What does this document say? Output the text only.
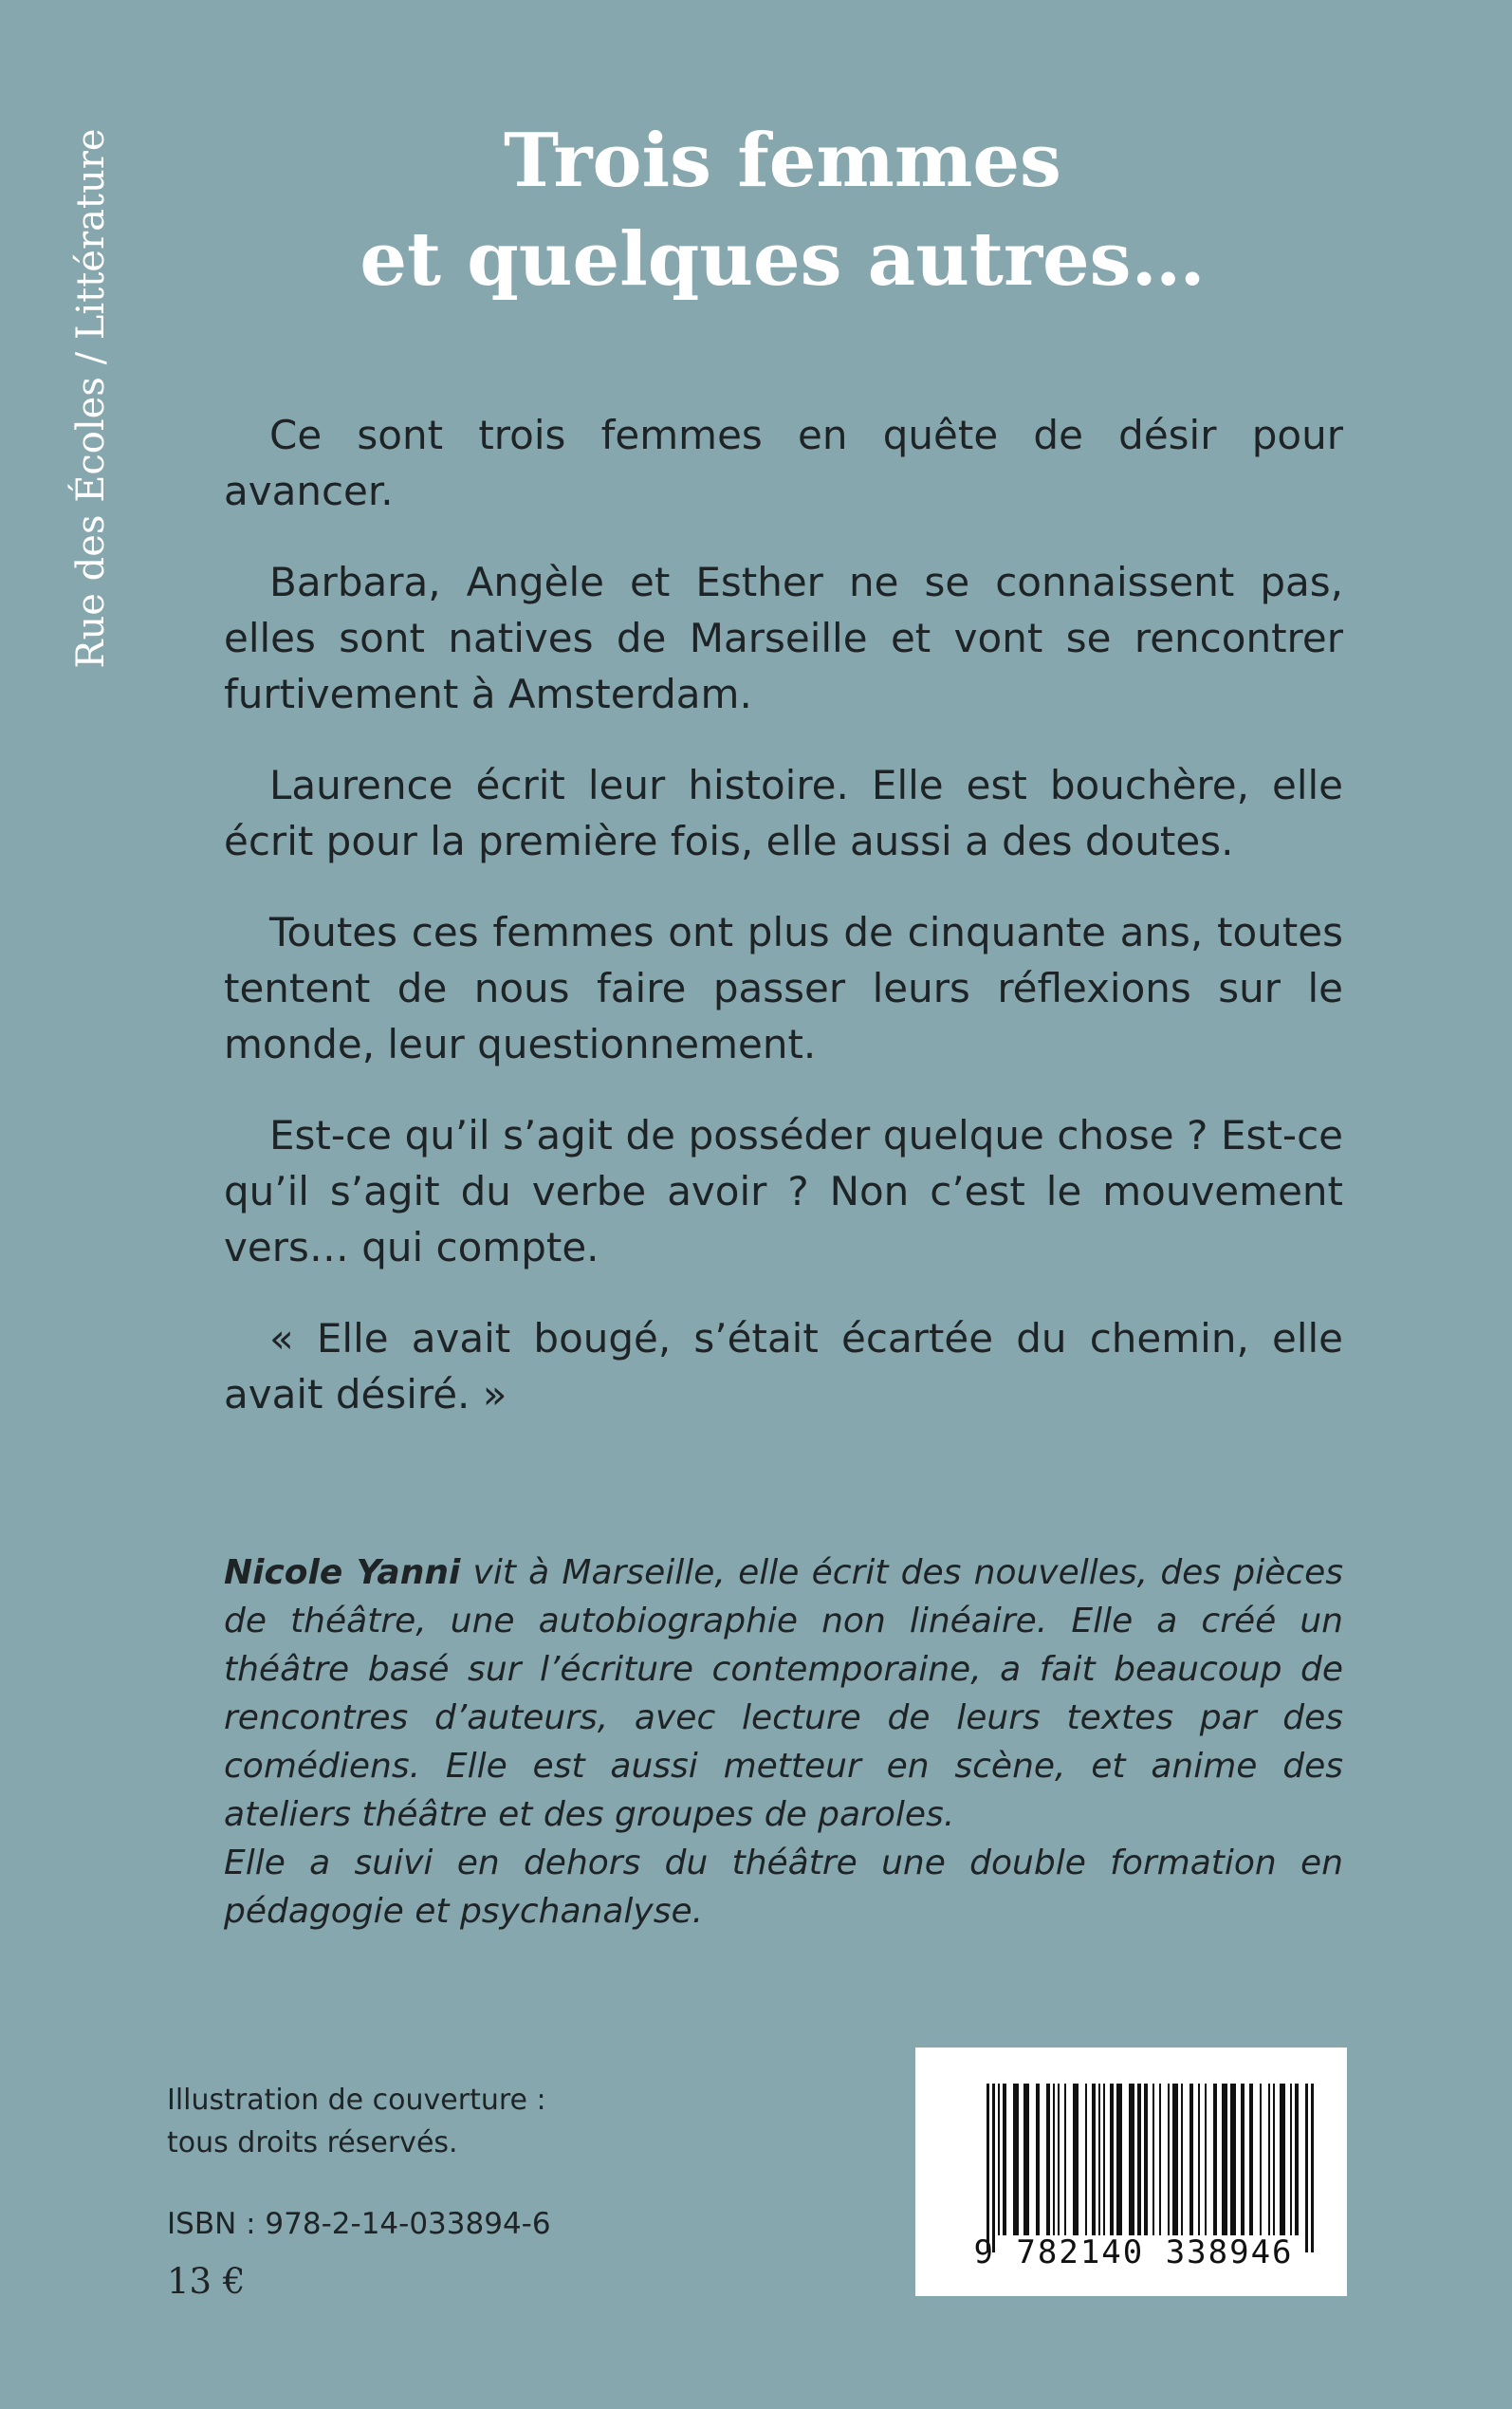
Rue des Écoles / Littérature	Trois femmes
et quelques autres…

Ce sont trois femmes en quête de désir pour avancer.

Barbara, Angèle et Esther ne se connaissent pas, elles sont natives de Marseille et vont se rencontrer furtivement à Amsterdam.

Laurence écrit leur histoire. Elle est bouchère, elle écrit pour la première fois, elle aussi a des doutes.

Toutes ces femmes ont plus de cinquante ans, toutes tentent de nous faire passer leurs réflexions sur le monde, leur questionnement.

Est-ce qu’il s’agit de posséder quelque chose ? Est-ce qu’il s’agit du verbe avoir ? Non c’est le mouvement vers… qui compte.

« Elle avait bougé, s’était écartée du chemin, elle avait désiré. »

Nicole Yanni vit à Marseille, elle écrit des nouvelles, des pièces de théâtre, une autobiographie non linéaire. Elle a créé un théâtre basé sur l’écriture contemporaine, a fait beaucoup de rencontres d’auteurs, avec lecture de leurs textes par des comédiens. Elle est aussi metteur en scène, et anime des ateliers théâtre et des groupes de paroles.

Elle a suivi en dehors du théâtre une double formation en pédagogie et psychanalyse.

Illustration de couverture :
tous droits réservés.
ISBN : 978-2-14-033894-6
13 €
9 782140 338946
